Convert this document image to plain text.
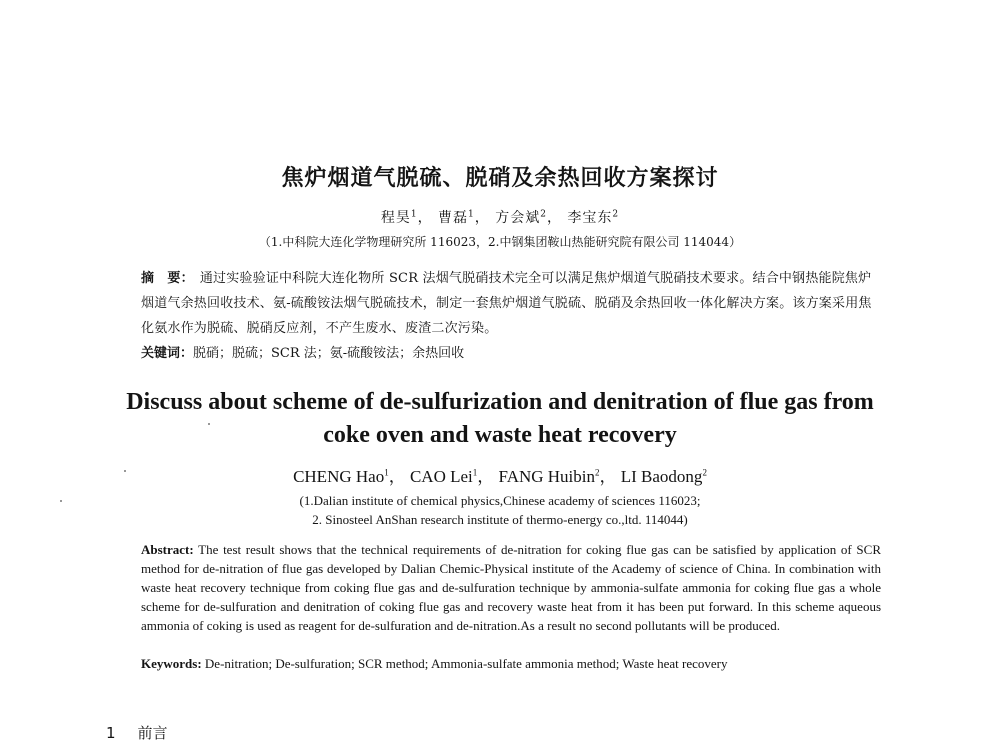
焦炉烟道气脱硫、脱硝及余热回收方案探讨
程昊$^1$， 曹磊$^1$， 方会斌$^2$， 李宝东$^2$
（1.中科院大连化学物理研究所 116023，2.中钢集团鞍山热能研究院有限公司 114044）
摘　要： 通过实验验证中科院大连化物所 SCR 法烟气脱硝技术完全可以满足焦炉烟道气脱硝技术要求。结合中钢热能院焦炉烟道气余热回收技术、氨-硫酸铵法烟气脱硫技术，制定一套焦炉烟道气脱硫、脱硝及余热回收一体化解决方案。该方案采用焦化氨水作为脱硫、脱硝反应剂，不产生废水、废渣二次污染。
关键词：脱硝；脱硫；SCR 法；氨-硫酸铵法；余热回收
Discuss about scheme of de-sulfurization and denitration of flue gas from coke oven and waste heat recovery
CHENG Hao$^1$， CAO Lei$^1$， FANG Huibin$^2$， LI Baodong$^2$
(1.Dalian institute of chemical physics,Chinese academy of sciences 116023;
2. Sinosteel AnShan research institute of thermo-energy co.,ltd. 114044)
Abstract: The test result shows that the technical requirements of de-nitration for coking flue gas can be satisfied by application of SCR method for de-nitration of flue gas developed by Dalian Chemic-Physical institute of the Academy of science of China. In combination with waste heat recovery technique from coking flue gas and de-sulfuration technique by ammonia-sulfate ammonia for coking flue gas a whole scheme for de-sulfuration and denitration of coking flue gas and recovery waste heat from it has been put forward. In this scheme aqueous ammonia of coking is used as reagent for de-sulfuration and de-nitration.As a result no second pollutants will be produced.
Keywords: De-nitration; De-sulfuration; SCR method; Ammonia-sulfate ammonia method; Waste heat recovery
1 前言
